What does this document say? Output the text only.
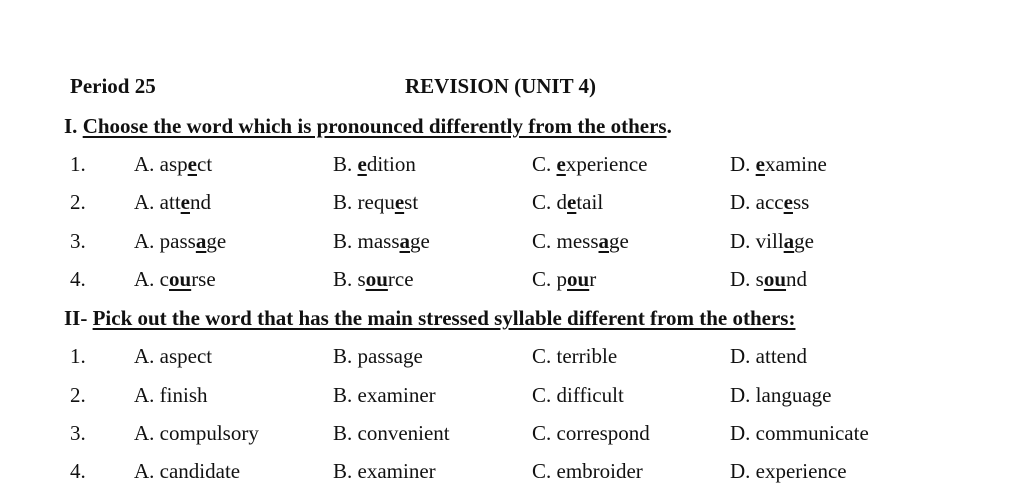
Period 25	REVISION (UNIT 4)
I. Choose the word which is pronounced differently from the others.
1. A. aspect	B. edition	C. experience	D. examine
2. A. attend	B. request	C. detail	D. access
3. A. passage	B. massage	C. message	D. village
4. A. course	B. source	C. pour	D. sound
II- Pick out the word that has the main stressed syllable different from the others:
1. A. aspect	B. passage	C. terrible	D. attend
2. A. finish	B. examiner	C. difficult	D. language
3. A. compulsory	B. convenient	C. correspond	D. communicate
4. A. candidate	B. examiner	C. embroider	D. experience
